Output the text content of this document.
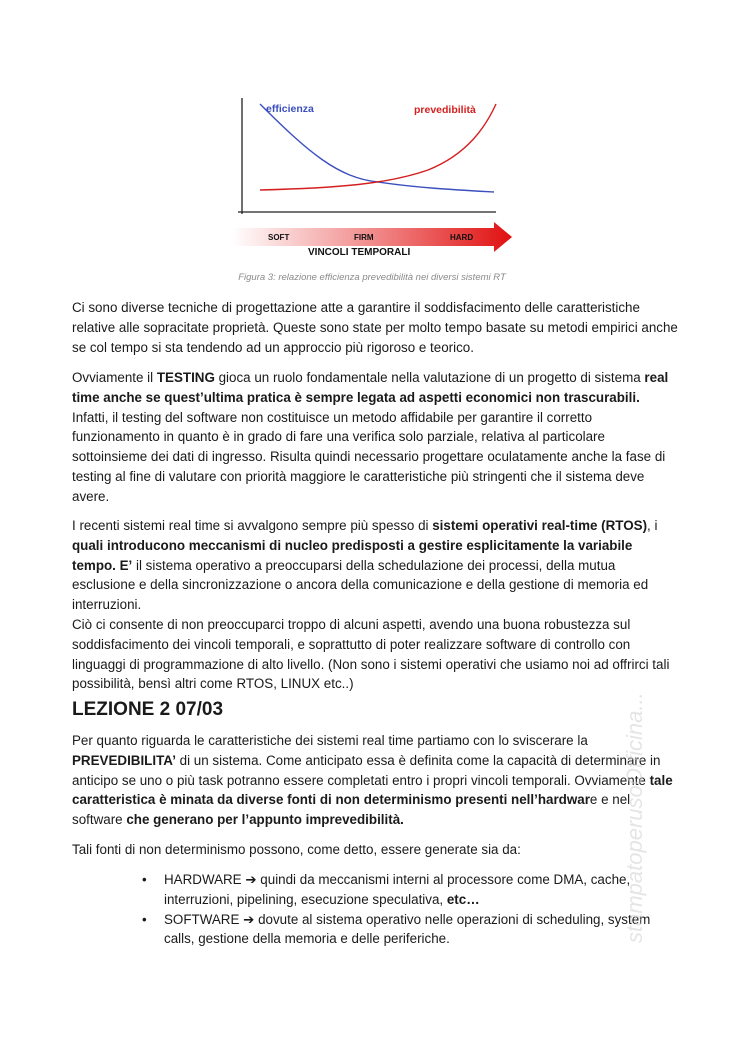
efficienza	prevedibilità
SOFT	FIRM	HARD
VINCOLI TEMPORALI
Figura 3: relazione efficienza prevedibilità nei diversi sistemi RT

Ci sono diverse tecniche di progettazione atte a garantire il soddisfacimento delle caratteristiche relative alle sopracitate proprietà. Queste sono state per molto tempo basate su metodi empirici anche se col tempo si sta tendendo ad un approccio più rigoroso e teorico.

Ovviamente il TESTING gioca un ruolo fondamentale nella valutazione di un progetto di sistema real time anche se quest’ultima pratica è sempre legata ad aspetti economici non trascurabili. Infatti, il testing del software non costituisce un metodo affidabile per garantire il corretto funzionamento in quanto è in grado di fare una verifica solo parziale, relativa al particolare sottoinsieme dei dati di ingresso. Risulta quindi necessario progettare oculatamente anche la fase di testing al fine di valutare con priorità maggiore le caratteristiche più stringenti che il sistema deve avere.

I recenti sistemi real time si avvalgono sempre più spesso di sistemi operativi real-time (RTOS), i quali introducono meccanismi di nucleo predisposti a gestire esplicitamente la variabile tempo. E’ il sistema operativo a preoccuparsi della schedulazione dei processi, della mutua esclusione e della sincronizzazione o ancora della comunicazione e della gestione di memoria ed interruzioni.
Ciò ci consente di non preoccuparci troppo di alcuni aspetti, avendo una buona robustezza sul soddisfacimento dei vincoli temporali, e soprattutto di poter realizzare software di controllo con linguaggi di programmazione di alto livello. (Non sono i sistemi operativi che usiamo noi ad offrirci tali possibilità, bensì altri come RTOS, LINUX etc..)

LEZIONE 2 07/03

Per quanto riguarda le caratteristiche dei sistemi real time partiamo con lo sviscerare la PREVEDIBILITA’ di un sistema. Come anticipato essa è definita come la capacità di determinare in anticipo se uno o più task potranno essere completati entro i propri vincoli temporali. Ovviamente tale caratteristica è minata da diverse fonti di non determinismo presenti nell’hardware e nel software che generano per l’appunto imprevedibilità.

Tali fonti di non determinismo possono, come detto, essere generate sia da:

• HARDWARE ➔ quindi da meccanismi interni al processore come DMA, cache, interruzioni, pipelining, esecuzione speculativa, etc…
• SOFTWARE ➔ dovute al sistema operativo nelle operazioni di scheduling, system calls, gestione della memoria e delle periferiche.	stampatoperusoOfficina...
